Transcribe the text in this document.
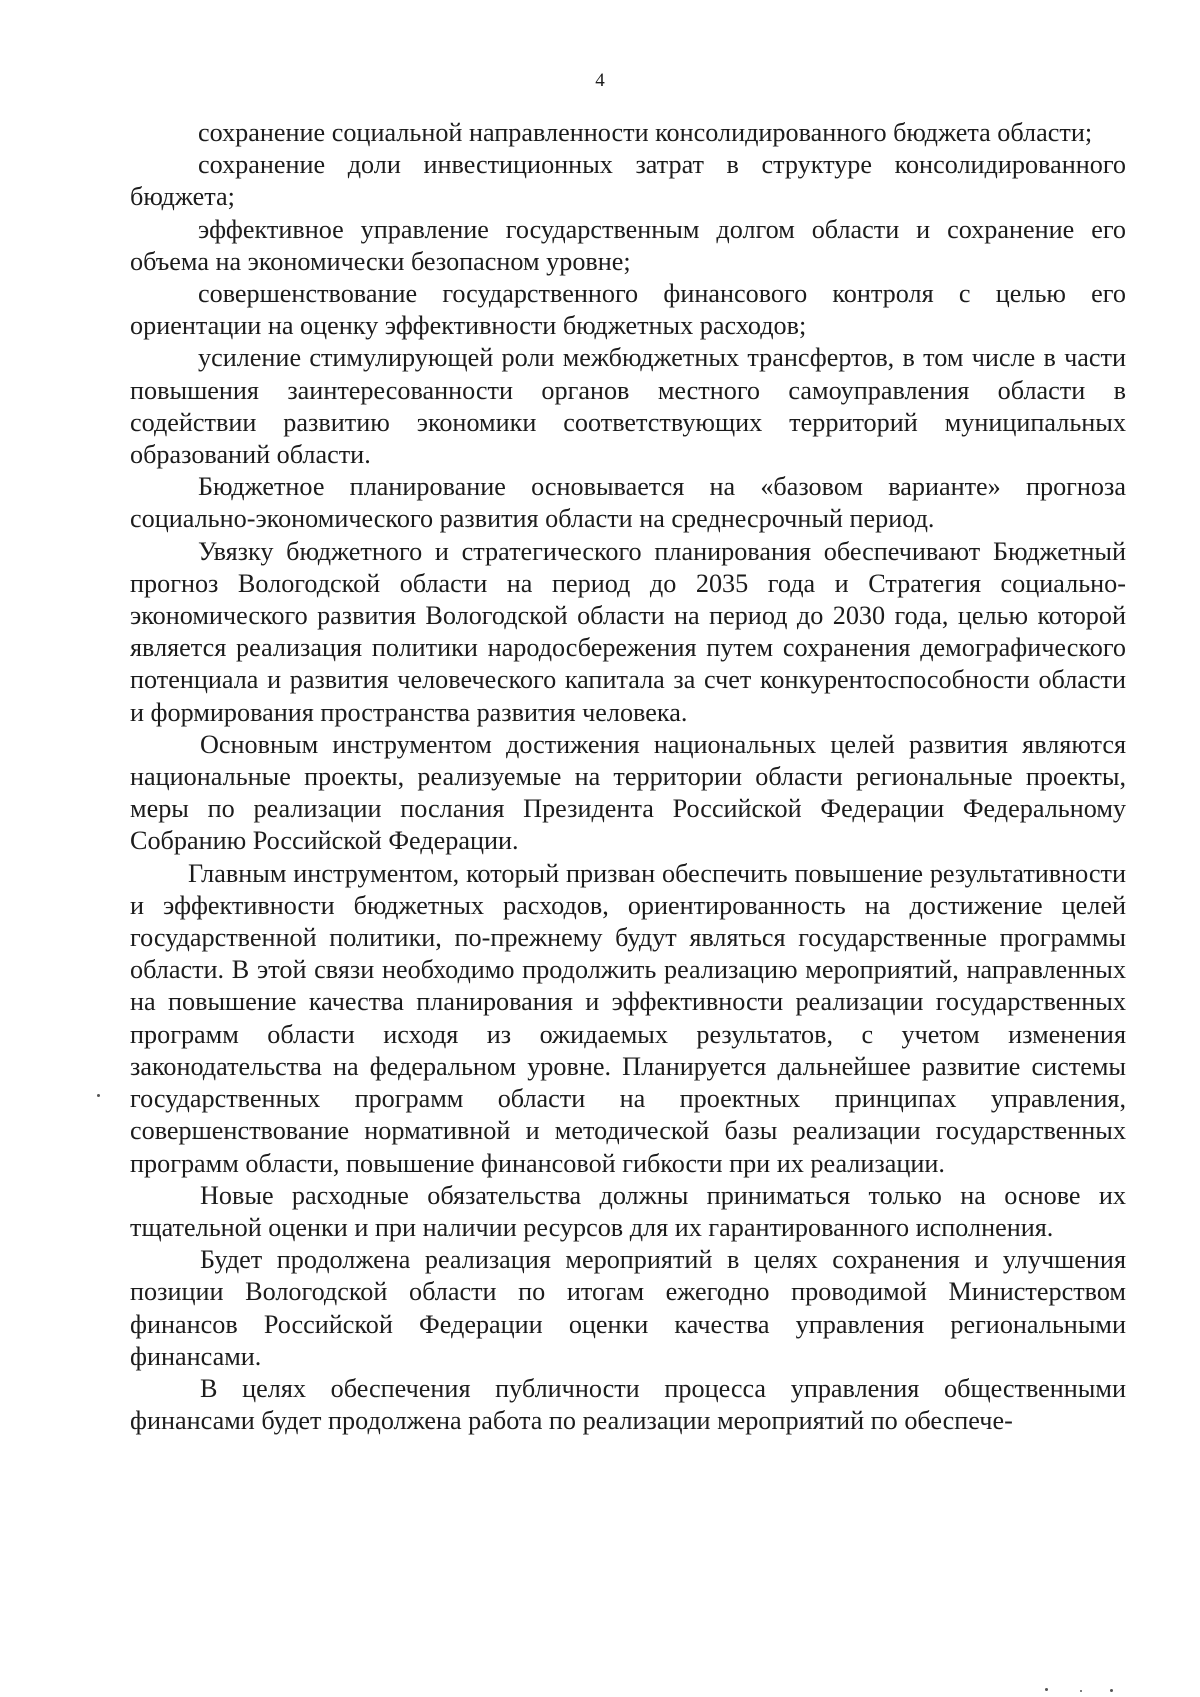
4

сохранение социальной направленности консолидированного бюджета области;

сохранение доли инвестиционных затрат в структуре консолидированного бюджета;

эффективное управление государственным долгом области и сохранение его объема на экономически безопасном уровне;

совершенствование государственного финансового контроля с целью его ориентации на оценку эффективности бюджетных расходов;

усиление стимулирующей роли межбюджетных трансфертов, в том числе в части повышения заинтересованности органов местного самоуправления области в содействии развитию экономики соответствующих территорий муниципальных образований области.

Бюджетное планирование основывается на «базовом варианте» прогноза социально-экономического развития области на среднесрочный период.

Увязку бюджетного и стратегического планирования обеспечивают Бюджетный прогноз Вологодской области на период до 2035 года и Стратегия социально-экономического развития Вологодской области на период до 2030 года, целью которой является реализация политики народосбережения путем сохранения демографического потенциала и развития человеческого капитала за счет конкурентоспособности области и формирования пространства развития человека.

Основным инструментом достижения национальных целей развития являются национальные проекты, реализуемые на территории области региональные проекты, меры по реализации послания Президента Российской Федерации Федеральному Собранию Российской Федерации.

Главным инструментом, который призван обеспечить повышение результативности и эффективности бюджетных расходов, ориентированность на достижение целей государственной политики, по-прежнему будут являться государственные программы области. В этой связи необходимо продолжить реализацию мероприятий, направленных на повышение качества планирования и эффективности реализации государственных программ области исходя из ожидаемых результатов, с учетом изменения законодательства на федеральном уровне. Планируется дальнейшее развитие системы государственных программ области на проектных принципах управления, совершенствование нормативной и методической базы реализации государственных программ области, повышение финансовой гибкости при их реализации.

Новые расходные обязательства должны приниматься только на основе их тщательной оценки и при наличии ресурсов для их гарантированного исполнения.

Будет продолжена реализация мероприятий в целях сохранения и улучшения позиции Вологодской области по итогам ежегодно проводимой Министерством финансов Российской Федерации оценки качества управления региональными финансами.

В целях обеспечения публичности процесса управления общественными финансами будет продолжена работа по реализации мероприятий по обеспече-
